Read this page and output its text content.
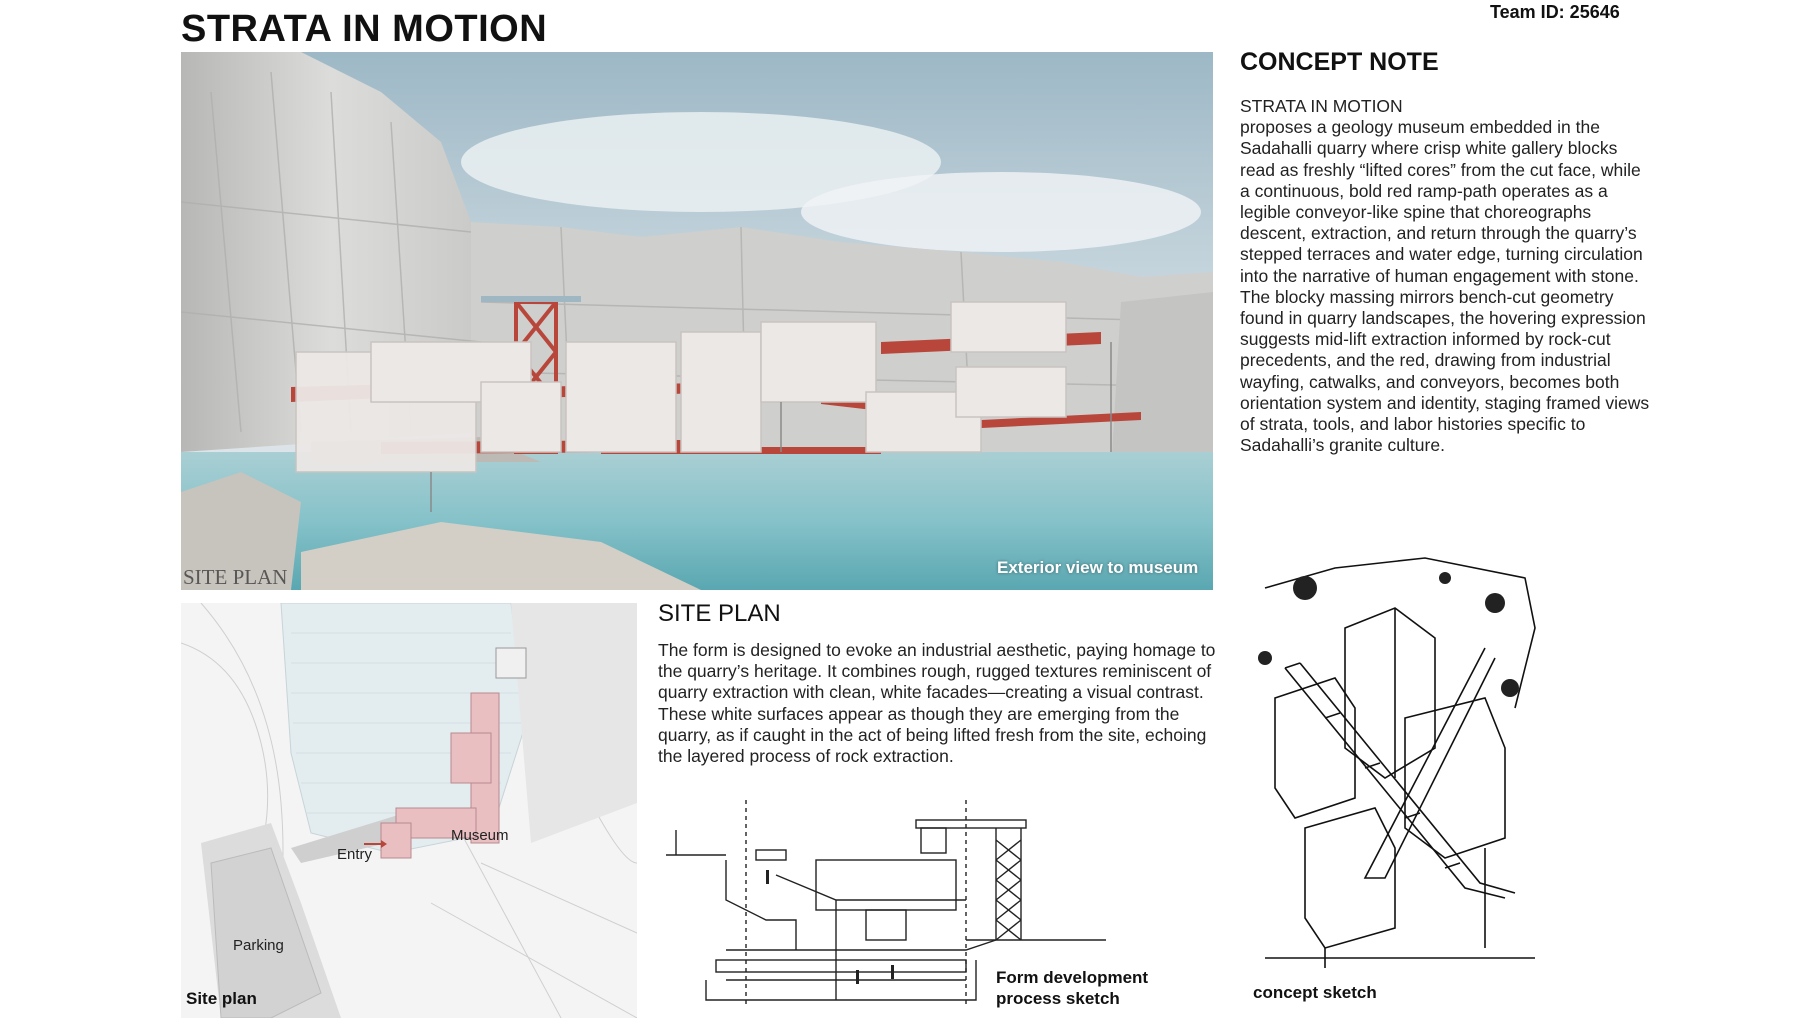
STRATA IN MOTION	Team ID: 25646
SITE PLAN	Exterior view to museum
CONCEPT NOTE

STRATA IN MOTION

proposes a geology museum embedded in the Sadahalli quarry where crisp white gallery blocks read as freshly “lifted cores” from the cut face, while a continuous, bold red ramp-path operates as a legible conveyor-like spine that choreographs descent, extraction, and return through the quarry’s stepped terraces and water edge, turning circulation into the narrative of human engagement with stone.

The blocky massing mirrors bench-cut geometry found in quarry landscapes, the hovering expression suggests mid-lift extraction informed by rock-cut precedents, and the red, drawing from industrial wayfing, catwalks, and conveyors, becomes both orientation system and identity, staging framed views of strata, tools, and labor histories specific to Sadahalli’s granite culture.

Museum
Entry
Parking
Site plan
SITE PLAN
The form is designed to evoke an industrial aesthetic, paying homage to the quarry’s heritage. It combines rough, rugged textures reminiscent of quarry extraction with clean, white facades—creating a visual contrast. These white surfaces appear as though they are emerging from the quarry, as if caught in the act of being lifted fresh from the site, echoing the layered process of rock extraction.
Form development
process sketch	concept sketch
